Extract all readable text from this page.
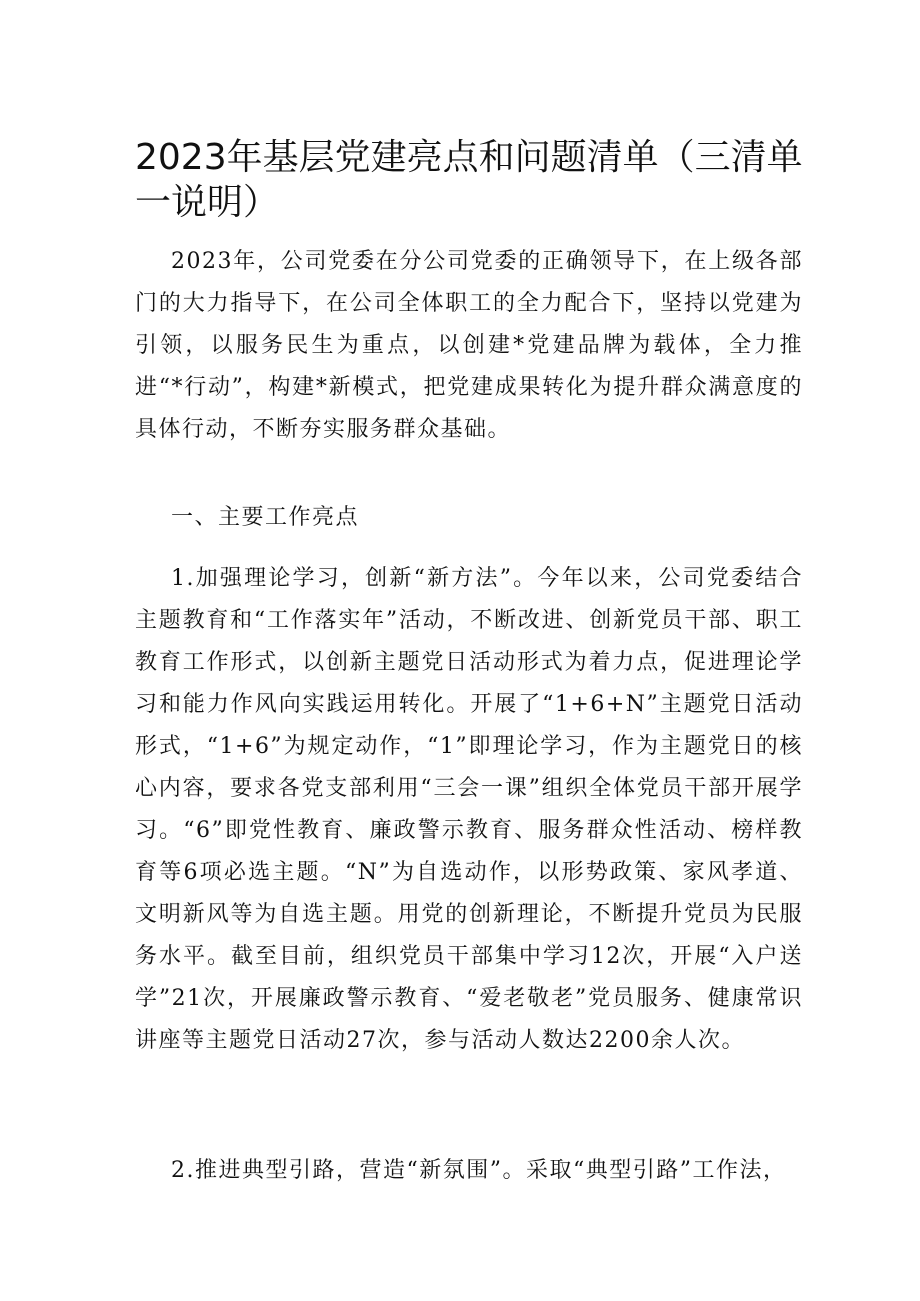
2023年基层党建亮点和问题清单（三清单一说明）

2023年，公司党委在分公司党委的正确领导下，在上级各部门的大力指导下，在公司全体职工的全力配合下，坚持以党建为引领，以服务民生为重点，以创建*党建品牌为载体，全力推进“*行动”，构建*新模式，把党建成果转化为提升群众满意度的具体行动，不断夯实服务群众基础。

一、主要工作亮点

1.加强理论学习，创新“新方法”。今年以来，公司党委结合主题教育和“工作落实年”活动，不断改进、创新党员干部、职工教育工作形式，以创新主题党日活动形式为着力点，促进理论学习和能力作风向实践运用转化。开展了“1+6+N”主题党日活动形式，“1+6”为规定动作，“1”即理论学习，作为主题党日的核心内容，要求各党支部利用“三会一课”组织全体党员干部开展学习。“6”即党性教育、廉政警示教育、服务群众性活动、榜样教育等6项必选主题。“N”为自选动作，以形势政策、家风孝道、文明新风等为自选主题。用党的创新理论，不断提升党员为民服务水平。截至目前，组织党员干部集中学习12次，开展“入户送学”21次，开展廉政警示教育、“爱老敬老”党员服务、健康常识讲座等主题党日活动27次，参与活动人数达2200余人次。

2.推进典型引路，营造“新氛围”。采取“典型引路”工作法，
